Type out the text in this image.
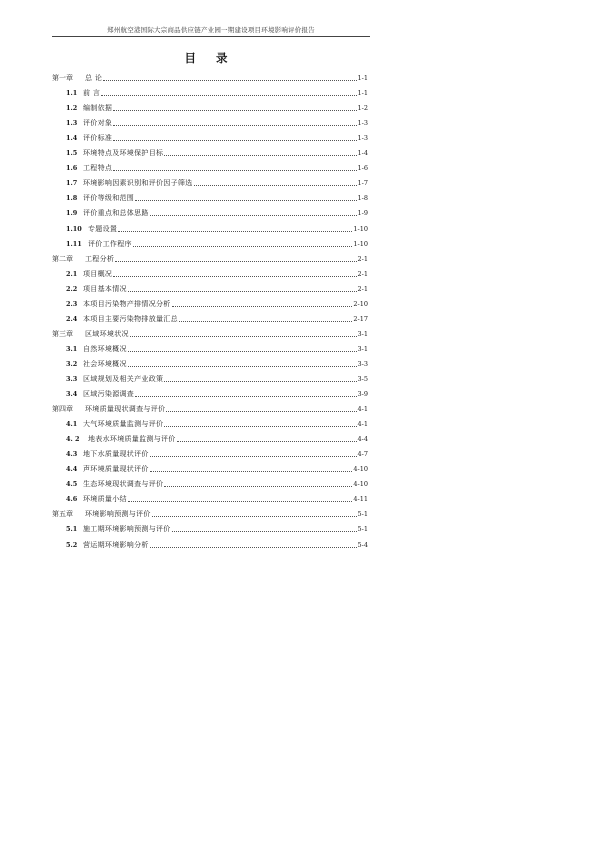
郑州航空港国际大宗商品供应链产业园一期建设项目环境影响评价报告
目 录
第一章	总 论	1-1
1.1 前 言	1-1
1.2 编制依据	1-2
1.3 评价对象	1-3
1.4 评价标准	1-3
1.5 环境特点及环境保护目标	1-4
1.6 工程特点	1-6
1.7 环境影响因素识别和评价因子筛选	1-7
1.8 评价等级和范围	1-8
1.9 评价重点和总体思路	1-9
1.10 专题设置	1-10
1.11 评价工作程序	1-10
第二章	工程分析	2-1
2.1 项目概况	2-1
2.2 项目基本情况	2-1
2.3 本项目污染物产排情况分析	2-10
2.4 本项目主要污染物排放量汇总	2-17
第三章	区域环境状况	3-1
3.1 自然环境概况	3-1
3.2 社会环境概况	3-3
3.3 区域规划及相关产业政策	3-5
3.4 区域污染源调查	3-9
第四章	环境质量现状调查与评价	4-1
4.1 大气环境质量监测与评价	4-1
4. 2	地表水环境质量监测与评价	4-4
4.3 地下水质量现状评价	4-7
4.4 声环境质量现状评价	4-10
4.5 生态环境现状调查与评价	4-10
4.6 环境质量小结	4-11
第五章	环境影响预测与评价	5-1
5.1 施工期环境影响预测与评价	5-1
5.2 营运期环境影响分析	5-4
